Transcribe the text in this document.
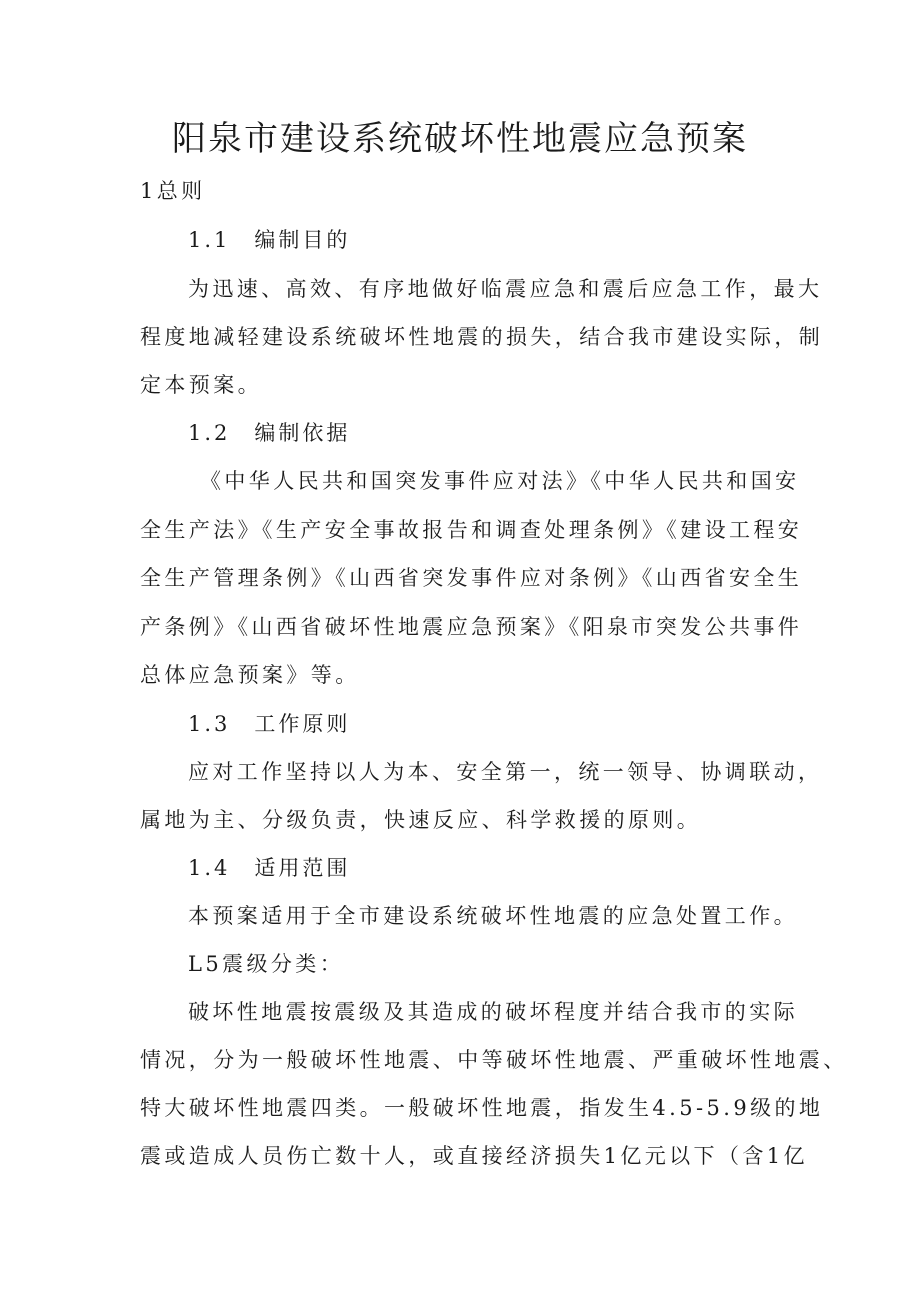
阳泉市建设系统破坏性地震应急预案
1总则
1.1　编制目的
为迅速、高效、有序地做好临震应急和震后应急工作，最大
程度地减轻建设系统破坏性地震的损失，结合我市建设实际，制
定本预案。
1.2　编制依据
《中华人民共和国突发事件应对法》《中华人民共和国安
全生产法》《生产安全事故报告和调查处理条例》《建设工程安
全生产管理条例》《山西省突发事件应对条例》《山西省安全生
产条例》《山西省破坏性地震应急预案》《阳泉市突发公共事件
总体应急预案》等。
1.3　工作原则
应对工作坚持以人为本、安全第一，统一领导、协调联动，
属地为主、分级负责，快速反应、科学救援的原则。
1.4　适用范围
本预案适用于全市建设系统破坏性地震的应急处置工作。
L5震级分类：
破坏性地震按震级及其造成的破坏程度并结合我市的实际
情况，分为一般破坏性地震、中等破坏性地震、严重破坏性地震、
特大破坏性地震四类。一般破坏性地震，指发生4.5-5.9级的地
震或造成人员伤亡数十人，或直接经济损失1亿元以下（含1亿
